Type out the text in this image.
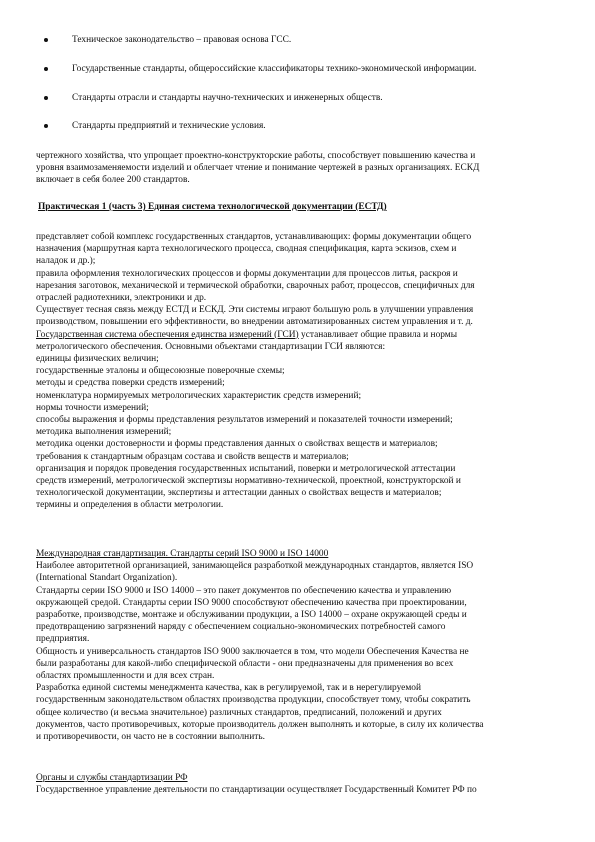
Техническое законодательство – правовая основа ГСС.
Государственные стандарты, общероссийские классификаторы технико-экономической информации.
Стандарты отрасли и стандарты научно-технических и инженерных обществ.
Стандарты предприятий и технические условия.

чертежного хозяйства, что упрощает проектно-конструкторские работы, способствует повышению качества и

уровня взаимозаменяемости изделий и облегчает чтение и понимание чертежей в разных организациях. ЕСКД

включает в себя более 200 стандартов.

Практическая 1 (часть 3) Единая система технологической документации (ЕСТД)

представляет собой комплекс государственных стандартов, устанавливающих: формы документации общего

назначения (маршрутная карта технологического процесса, сводная спецификация, карта эскизов, схем и

наладок и др.);

правила оформления технологических процессов и формы документации для процессов литья, раскроя и

нарезания заготовок, механической и термической обработки, сварочных работ, процессов, специфичных для

отраслей радиотехники, электроники и др.

Существует тесная связь между ЕСТД и ЕСКД. Эти системы играют большую роль в улучшении управления

производством, повышении его эффективности, во внедрении автоматизированных систем управления и т. д.

Государственная система обеспечения единства измерений (ГСИ) устанавливает общие правила и нормы

метрологического обеспечения. Основными объектами стандартизации ГСИ являются:

единицы физических величин;

государственные эталоны и общесоюзные поверочные схемы;

методы и средства поверки средств измерений;

номенклатура нормируемых метрологических характеристик средств измерений;

нормы точности измерений;

способы выражения и формы представления результатов измерений и показателей точности измерений;

методика выполнения измерений;

методика оценки достоверности и формы представления данных о свойствах веществ и материалов;

требования к стандартным образцам состава и свойств веществ и материалов;

организация и порядок проведения государственных испытаний, поверки и метрологической аттестации

средств измерений, метрологической экспертизы нормативно-технической, проектной, конструкторской и

технологической документации, экспертизы и аттестации данных о свойствах веществ и материалов;

термины и определения в области метрологии.

Международная стандартизация. Стандарты серий ISO 9000 и ISO 14000

Наиболее авторитетной организацией, занимающейся разработкой международных стандартов, является ISO

(International Standart Organization).

Стандарты серии ISO 9000 и ISO 14000 – это пакет документов по обеспечению качества и управлению

окружающей средой. Стандарты серии ISO 9000 способствуют обеспечению качества при проектировании,

разработке, производстве, монтаже и обслуживании продукции, а ISO 14000 – охране окружающей среды и

предотвращению загрязнений наряду с обеспечением социально-экономических потребностей самого

предприятия.

Общность и универсальность стандартов ISO 9000 заключается в том, что модели Обеспечения Качества не

были разработаны для какой-либо специфической области - они предназначены для применения во всех

областях промышленности и для всех стран.

Разработка единой системы менеджмента качества, как в регулируемой, так и в нерегулируемой

государственным законодательством областях производства продукции, способствует тому, чтобы сократить

общее количество (и весьма значительное) различных стандартов, предписаний, положений и других

документов, часто противоречивых, которые производитель должен выполнять и которые, в силу их количества

и противоречивости, он часто не в состоянии выполнить.

Органы и службы стандартизации РФ

Государственное управление деятельности по стандартизации осуществляет Государственный Комитет РФ по
